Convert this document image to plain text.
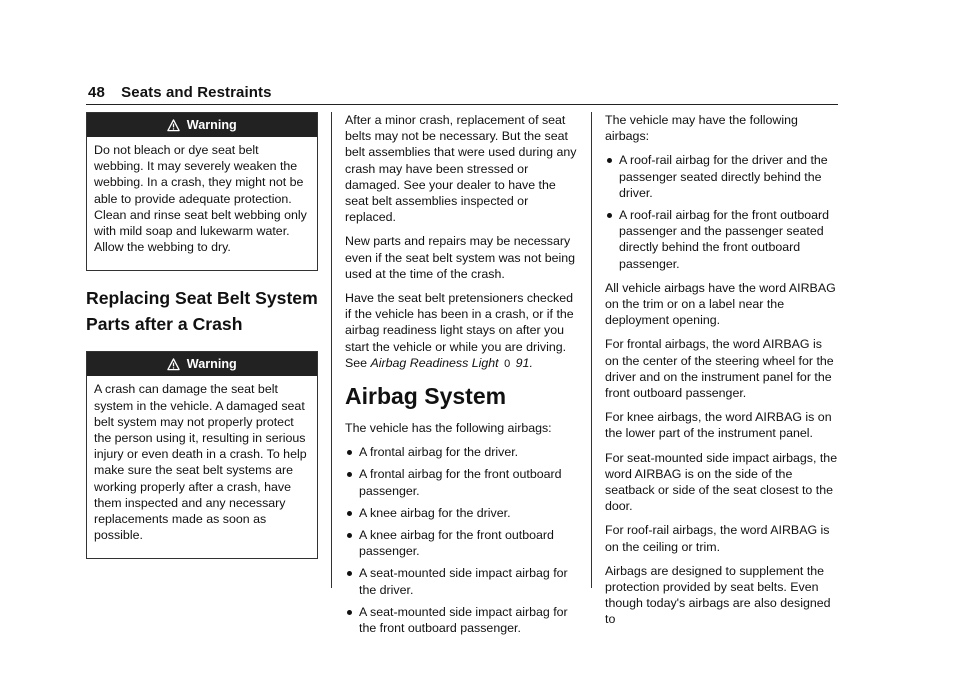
48 Seats and Restraints
Warning

Do not bleach or dye seat belt webbing. It may severely weaken the webbing. In a crash, they might not be able to provide adequate protection. Clean and rinse seat belt webbing only with mild soap and lukewarm water. Allow the webbing to dry.

Replacing Seat Belt System Parts after a Crash
Warning

A crash can damage the seat belt system in the vehicle. A damaged seat belt system may not properly protect the person using it, resulting in serious injury or even death in a crash. To help make sure the seat belt systems are working properly after a crash, have them inspected and any necessary replacements made as soon as possible.

After a minor crash, replacement of seat belts may not be necessary. But the seat belt assemblies that were used during any crash may have been stressed or damaged. See your dealer to have the seat belt assemblies inspected or replaced.

New parts and repairs may be necessary even if the seat belt system was not being used at the time of the crash.

Have the seat belt pretensioners checked if the vehicle has been in a crash, or if the airbag readiness light stays on after you start the vehicle or while you are driving. See Airbag Readiness Light 0 91.

Airbag System

The vehicle has the following airbags:

A frontal airbag for the driver.
A frontal airbag for the front outboard passenger.
A knee airbag for the driver.
A knee airbag for the front outboard passenger.
A seat-mounted side impact airbag for the driver.
A seat-mounted side impact airbag for the front outboard passenger.

The vehicle may have the following airbags:

A roof-rail airbag for the driver and the passenger seated directly behind the driver.
A roof-rail airbag for the front outboard passenger and the passenger seated directly behind the front outboard passenger.

All vehicle airbags have the word AIRBAG on the trim or on a label near the deployment opening.

For frontal airbags, the word AIRBAG is on the center of the steering wheel for the driver and on the instrument panel for the front outboard passenger.

For knee airbags, the word AIRBAG is on the lower part of the instrument panel.

For seat-mounted side impact airbags, the word AIRBAG is on the side of the seatback or side of the seat closest to the door.

For roof-rail airbags, the word AIRBAG is on the ceiling or trim.

Airbags are designed to supplement the protection provided by seat belts. Even though today's airbags are also designed to
